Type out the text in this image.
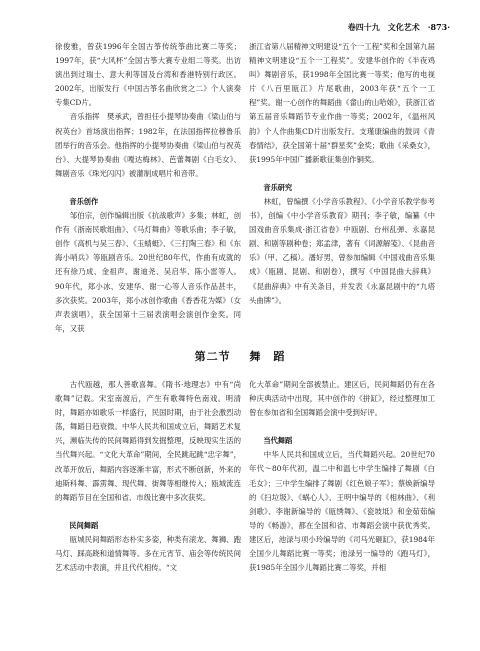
卷四十九　文化艺术　·873·

徐俊雅，曾获1996年全国古筝传统筝曲比赛二等奖；1997年，获“大风杯”全国古筝大赛专业组二等奖。出访演出到过瑞士、意大利等国及台湾和香港特别行政区。2002年，出版发行《中国古筝名曲欣赏之二》个人演奏专集CD片。

音乐指挥　樊承武，曾担任小提琴协奏曲《梁山伯与祝英台》首场演出指挥；1982年，在法国指挥拉穆鲁乐团举行的音乐会。他指挥的小提琴协奏曲《梁山伯与祝英台》、大提琴协奏曲《嘎达梅林》、芭蕾舞剧《白毛女》、舞剧音乐《珠光闪闪》被灌制成唱片和音带。

音乐创作

邹伯宗，创作编辑出版《抗战歌声》多集；林虹，创作有《浙南民歌组曲》、《马灯舞曲》等歌乐曲；李子敏，创作《高机与吴三春》、《玉蜻蜓》、《三打陶三春》和《东海小哨兵》等瓯剧音乐。20世纪80年代，作曲有成就的还有徐乃成、金祖声、谢迪尧、吴启华、陈小雷等人。90年代，郑小冰、安建华、谢一心等人音乐作品甚丰，多次获奖。2003年，郑小冰创作歌曲《香香花为媒》（女声表演唱），获全国第十三届表演唱会演创作金奖。同年，又获

浙江省第八届精神文明建设“五个一工程”奖和全国第九届精神文明建设“五个一工程奖”。安建华创作的《半夜鸡叫》舞剧音乐，获1998年全国比赛一等奖；他写的电视片《八百里瓯江》片尾歌曲，2003年获“五个一工程”奖。谢一心创作的舞蹈曲《畲山的山哈娘》，获浙江省第五届音乐舞蹈节专业作曲一等奖；2002年，《温州风韵》个人作曲集CD片出版发行。支瑾康编曲的鼓词《青春情结》，获全国第十届“群星奖”金奖；歌曲《采桑女》，获1995年中国广播新歌征集创作铜奖。

音乐研究

林虹，曾编撰《小学音乐教程》、《小学音乐教学参考书》，创编《中小学音乐教育》期刊；李子敏，编纂《中国戏曲音乐集成·浙江省卷》中瓯剧、台州乱弹、永嘉昆剧、和剧等剧种卷；郑孟津，著有《词源解笺》、《昆曲音乐》（甲、乙稿）。潘好男，曾参加编辑《中国戏曲音乐集成》（瓯剧、昆剧、和剧卷），撰写《中国昆曲大辞典》《昆曲辞典》中有关条目，并发表《永嘉昆剧中的“九塔头曲牌”》。

第二节 舞　蹈

古代瓯越，那人善歌喜舞。《隋书·地理志》中有“尚歌舞”记载。宋室南渡后，产生有歌舞特色南戏。明清时，舞蹈亦如歌乐一样盛行，民国时期，由于社会激烈动荡，舞蹈日趋衰微。中华人民共和国成立后，舞蹈艺术复兴，濒临失传的民间舞蹈得到发掘整理，反映现实生活的当代舞兴起。“文化大革命”期间，全民跳起跳“忠字舞”，改革开放后，舞蹈内容逐渐丰富，形式不断创新，外来的迪斯科舞、霹雳舞、现代舞、街舞等相继传入；瓯城流连的舞蹈节目在全国和省、市级比赛中多次获奖。

民间舞蹈

瓯城民间舞蹈形态朴实多姿，种类有滚龙、舞狮、跑马灯、踩高跷和道情舞等。多在元宵节、庙会等传统民间艺术活动中表演，并且代代相传。“文

化大革命”期间全部被禁止。建区后，民间舞蹈仍有在各种庆典活动中出现，其中创作的《拼缸》，经过整理加工曾在参加省和全国舞蹈会演中受到好评。

当代舞蹈

中华人民共和国成立后，当代舞蹈兴起。20世纪70年代～80年代初，温二中和温七中学生编排了舞剧《白毛女》；三中学生编排了舞剧《红色娘子军》；蔡焕新编导的《扫垃圾》、《蜗心人》、王明中编导的《相林曲》、《利剑歌》、李谢新编导的《瓯绣舞》、《瓷坡坻》和金茹茹编导的《畅游》，都在全国和省、市舞蹈会演中获优秀奖。建区后，池渌与项小玲编导的《司马光砸缸》，获1984年全国少儿舞蹈比赛一等奖；池渌另一编导的《跑马灯》，获1985年全国少儿舞蹈比赛二等奖，并相
